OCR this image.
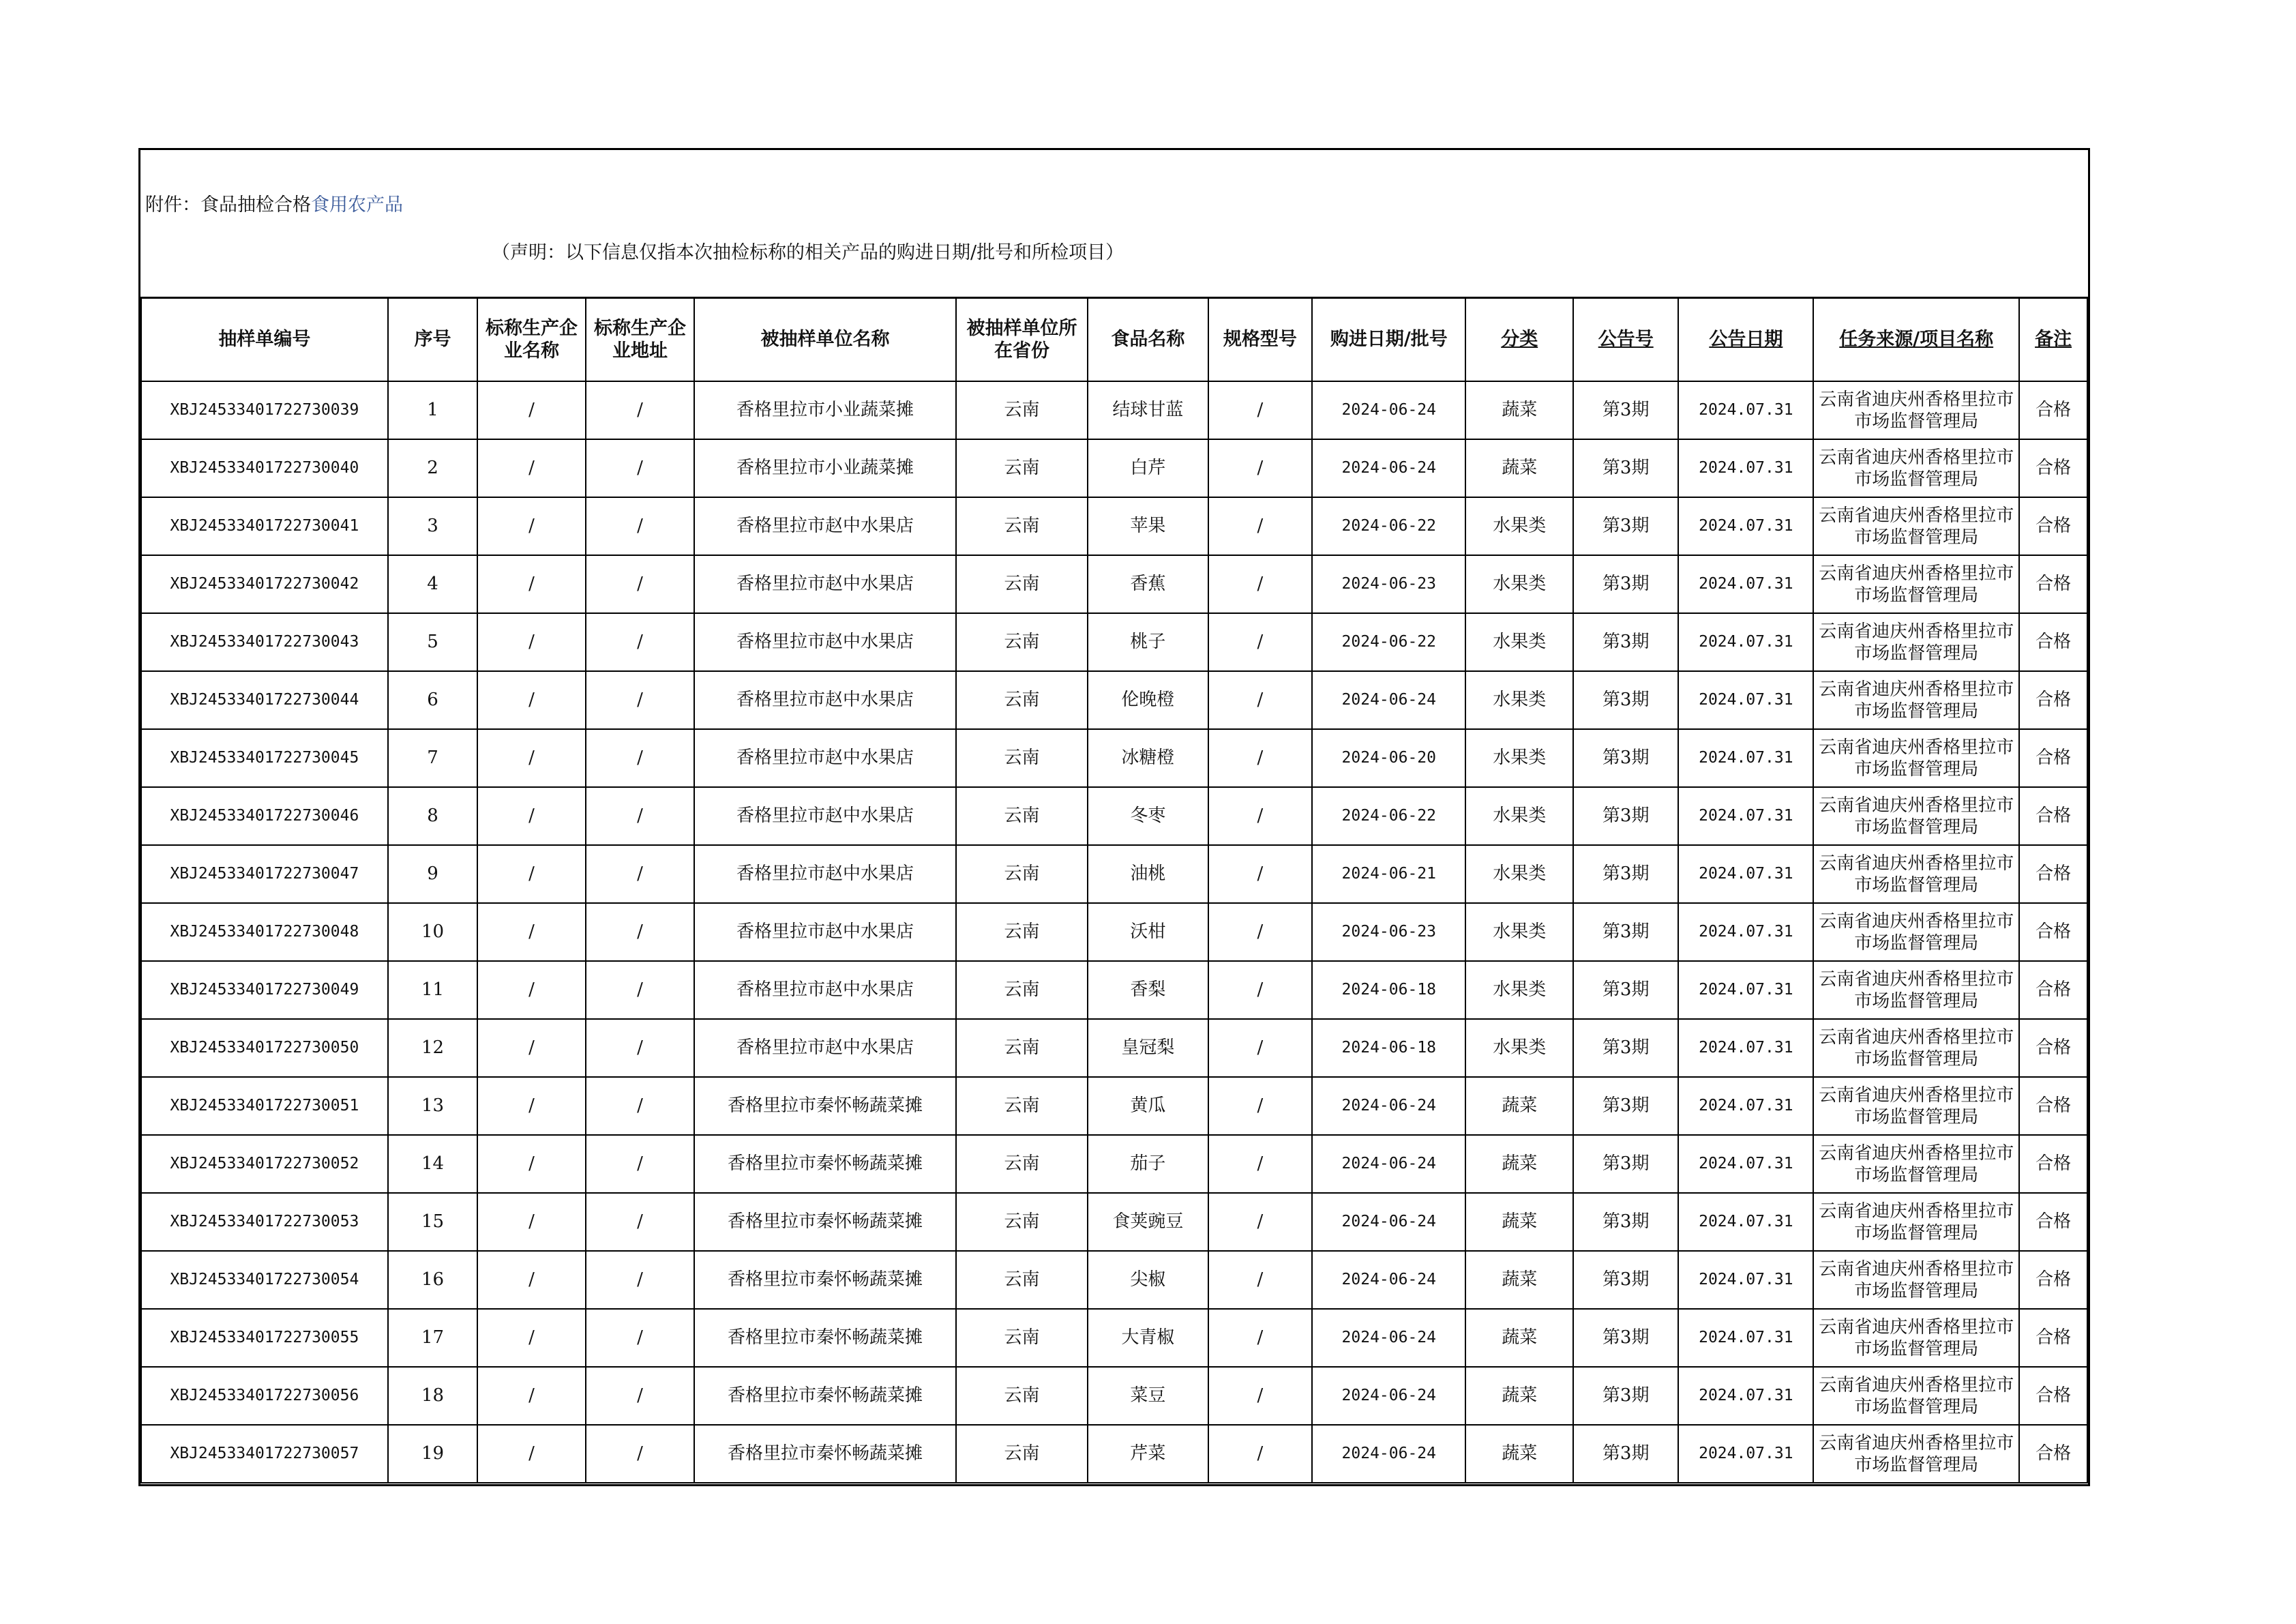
附件：食品抽检合格食用农产品
（声明：以下信息仅指本次抽检标称的相关产品的购进日期/批号和所检项目）
抽样单编号	序号	标称生产企业名称	标称生产企业地址	被抽样单位名称	被抽样单位所在省份	食品名称	规格型号	购进日期/批号	分类	公告号	公告日期	任务来源/项目名称	备注
XBJ24533401722730039	1	/	/	香格里拉市小业蔬菜摊	云南	结球甘蓝	/	2024-06-24	蔬菜	第3期	2024.07.31	云南省迪庆州香格里拉市市场监督管理局	合格
XBJ24533401722730040	2	/	/	香格里拉市小业蔬菜摊	云南	白芹	/	2024-06-24	蔬菜	第3期	2024.07.31	云南省迪庆州香格里拉市市场监督管理局	合格
XBJ24533401722730041	3	/	/	香格里拉市赵中水果店	云南	苹果	/	2024-06-22	水果类	第3期	2024.07.31	云南省迪庆州香格里拉市市场监督管理局	合格
XBJ24533401722730042	4	/	/	香格里拉市赵中水果店	云南	香蕉	/	2024-06-23	水果类	第3期	2024.07.31	云南省迪庆州香格里拉市市场监督管理局	合格
XBJ24533401722730043	5	/	/	香格里拉市赵中水果店	云南	桃子	/	2024-06-22	水果类	第3期	2024.07.31	云南省迪庆州香格里拉市市场监督管理局	合格
XBJ24533401722730044	6	/	/	香格里拉市赵中水果店	云南	伦晚橙	/	2024-06-24	水果类	第3期	2024.07.31	云南省迪庆州香格里拉市市场监督管理局	合格
XBJ24533401722730045	7	/	/	香格里拉市赵中水果店	云南	冰糖橙	/	2024-06-20	水果类	第3期	2024.07.31	云南省迪庆州香格里拉市市场监督管理局	合格
XBJ24533401722730046	8	/	/	香格里拉市赵中水果店	云南	冬枣	/	2024-06-22	水果类	第3期	2024.07.31	云南省迪庆州香格里拉市市场监督管理局	合格
XBJ24533401722730047	9	/	/	香格里拉市赵中水果店	云南	油桃	/	2024-06-21	水果类	第3期	2024.07.31	云南省迪庆州香格里拉市市场监督管理局	合格
XBJ24533401722730048	10	/	/	香格里拉市赵中水果店	云南	沃柑	/	2024-06-23	水果类	第3期	2024.07.31	云南省迪庆州香格里拉市市场监督管理局	合格
XBJ24533401722730049	11	/	/	香格里拉市赵中水果店	云南	香梨	/	2024-06-18	水果类	第3期	2024.07.31	云南省迪庆州香格里拉市市场监督管理局	合格
XBJ24533401722730050	12	/	/	香格里拉市赵中水果店	云南	皇冠梨	/	2024-06-18	水果类	第3期	2024.07.31	云南省迪庆州香格里拉市市场监督管理局	合格
XBJ24533401722730051	13	/	/	香格里拉市秦怀畅蔬菜摊	云南	黄瓜	/	2024-06-24	蔬菜	第3期	2024.07.31	云南省迪庆州香格里拉市市场监督管理局	合格
XBJ24533401722730052	14	/	/	香格里拉市秦怀畅蔬菜摊	云南	茄子	/	2024-06-24	蔬菜	第3期	2024.07.31	云南省迪庆州香格里拉市市场监督管理局	合格
XBJ24533401722730053	15	/	/	香格里拉市秦怀畅蔬菜摊	云南	食荚豌豆	/	2024-06-24	蔬菜	第3期	2024.07.31	云南省迪庆州香格里拉市市场监督管理局	合格
XBJ24533401722730054	16	/	/	香格里拉市秦怀畅蔬菜摊	云南	尖椒	/	2024-06-24	蔬菜	第3期	2024.07.31	云南省迪庆州香格里拉市市场监督管理局	合格
XBJ24533401722730055	17	/	/	香格里拉市秦怀畅蔬菜摊	云南	大青椒	/	2024-06-24	蔬菜	第3期	2024.07.31	云南省迪庆州香格里拉市市场监督管理局	合格
XBJ24533401722730056	18	/	/	香格里拉市秦怀畅蔬菜摊	云南	菜豆	/	2024-06-24	蔬菜	第3期	2024.07.31	云南省迪庆州香格里拉市市场监督管理局	合格
XBJ24533401722730057	19	/	/	香格里拉市秦怀畅蔬菜摊	云南	芹菜	/	2024-06-24	蔬菜	第3期	2024.07.31	云南省迪庆州香格里拉市市场监督管理局	合格
